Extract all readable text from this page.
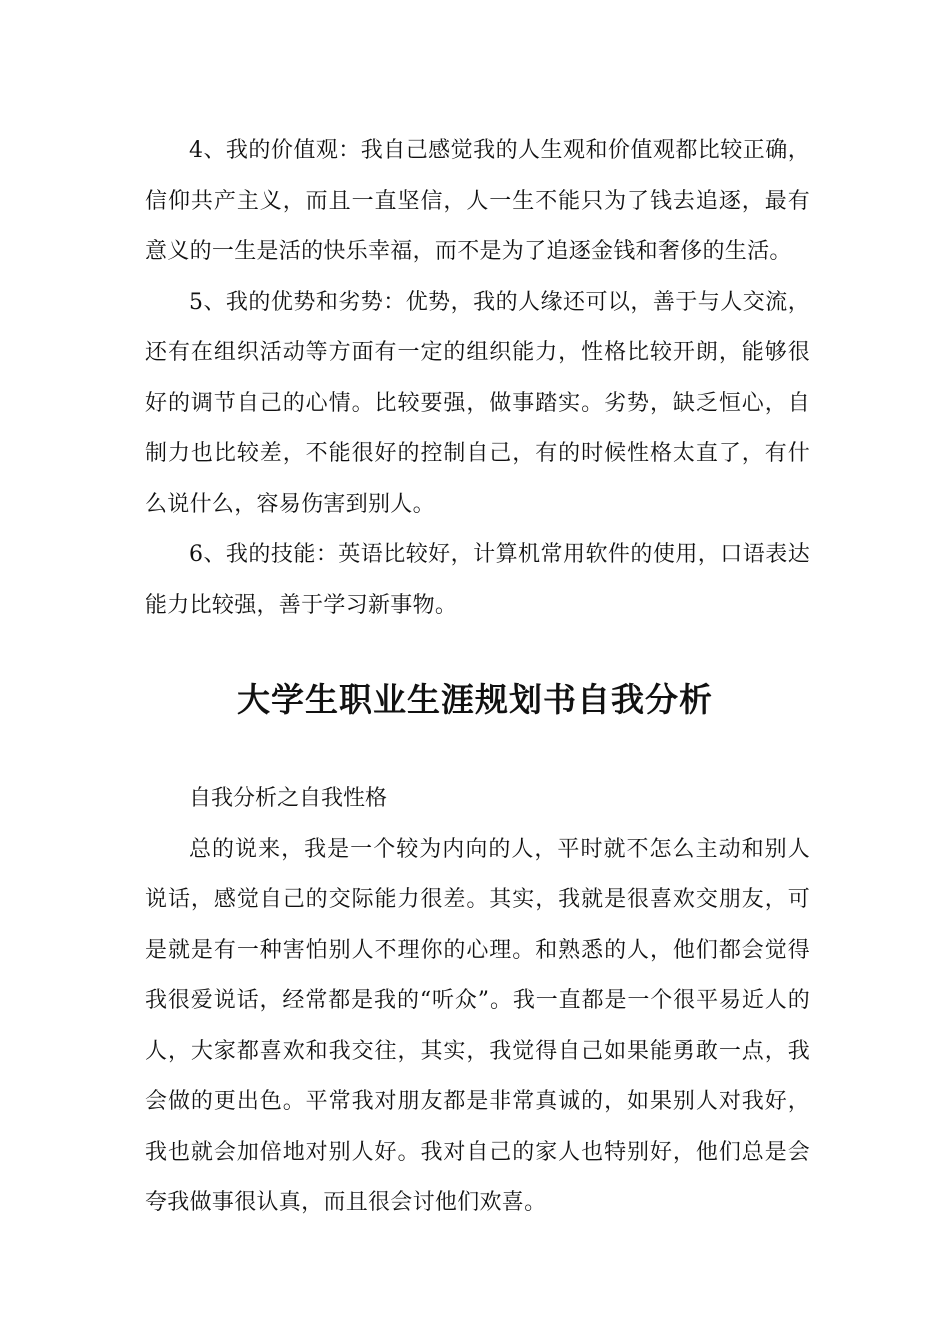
4、我的价值观：我自己感觉我的人生观和价值观都比较正确，信仰共产主义，而且一直坚信，人一生不能只为了钱去追逐，最有意义的一生是活的快乐幸福，而不是为了追逐金钱和奢侈的生活。

5、我的优势和劣势：优势，我的人缘还可以，善于与人交流，还有在组织活动等方面有一定的组织能力，性格比较开朗，能够很好的调节自己的心情。比较要强，做事踏实。劣势，缺乏恒心，自制力也比较差，不能很好的控制自己，有的时候性格太直了，有什么说什么，容易伤害到别人。

6、我的技能：英语比较好，计算机常用软件的使用，口语表达能力比较强，善于学习新事物。

大学生职业生涯规划书自我分析

自我分析之自我性格

总的说来，我是一个较为内向的人，平时就不怎么主动和别人说话，感觉自己的交际能力很差。其实，我就是很喜欢交朋友，可是就是有一种害怕别人不理你的心理。和熟悉的人，他们都会觉得我很爱说话，经常都是我的“听众”。我一直都是一个很平易近人的人，大家都喜欢和我交往，其实，我觉得自己如果能勇敢一点，我会做的更出色。平常我对朋友都是非常真诚的，如果别人对我好，我也就会加倍地对别人好。我对自己的家人也特别好，他们总是会夸我做事很认真，而且很会讨他们欢喜。
